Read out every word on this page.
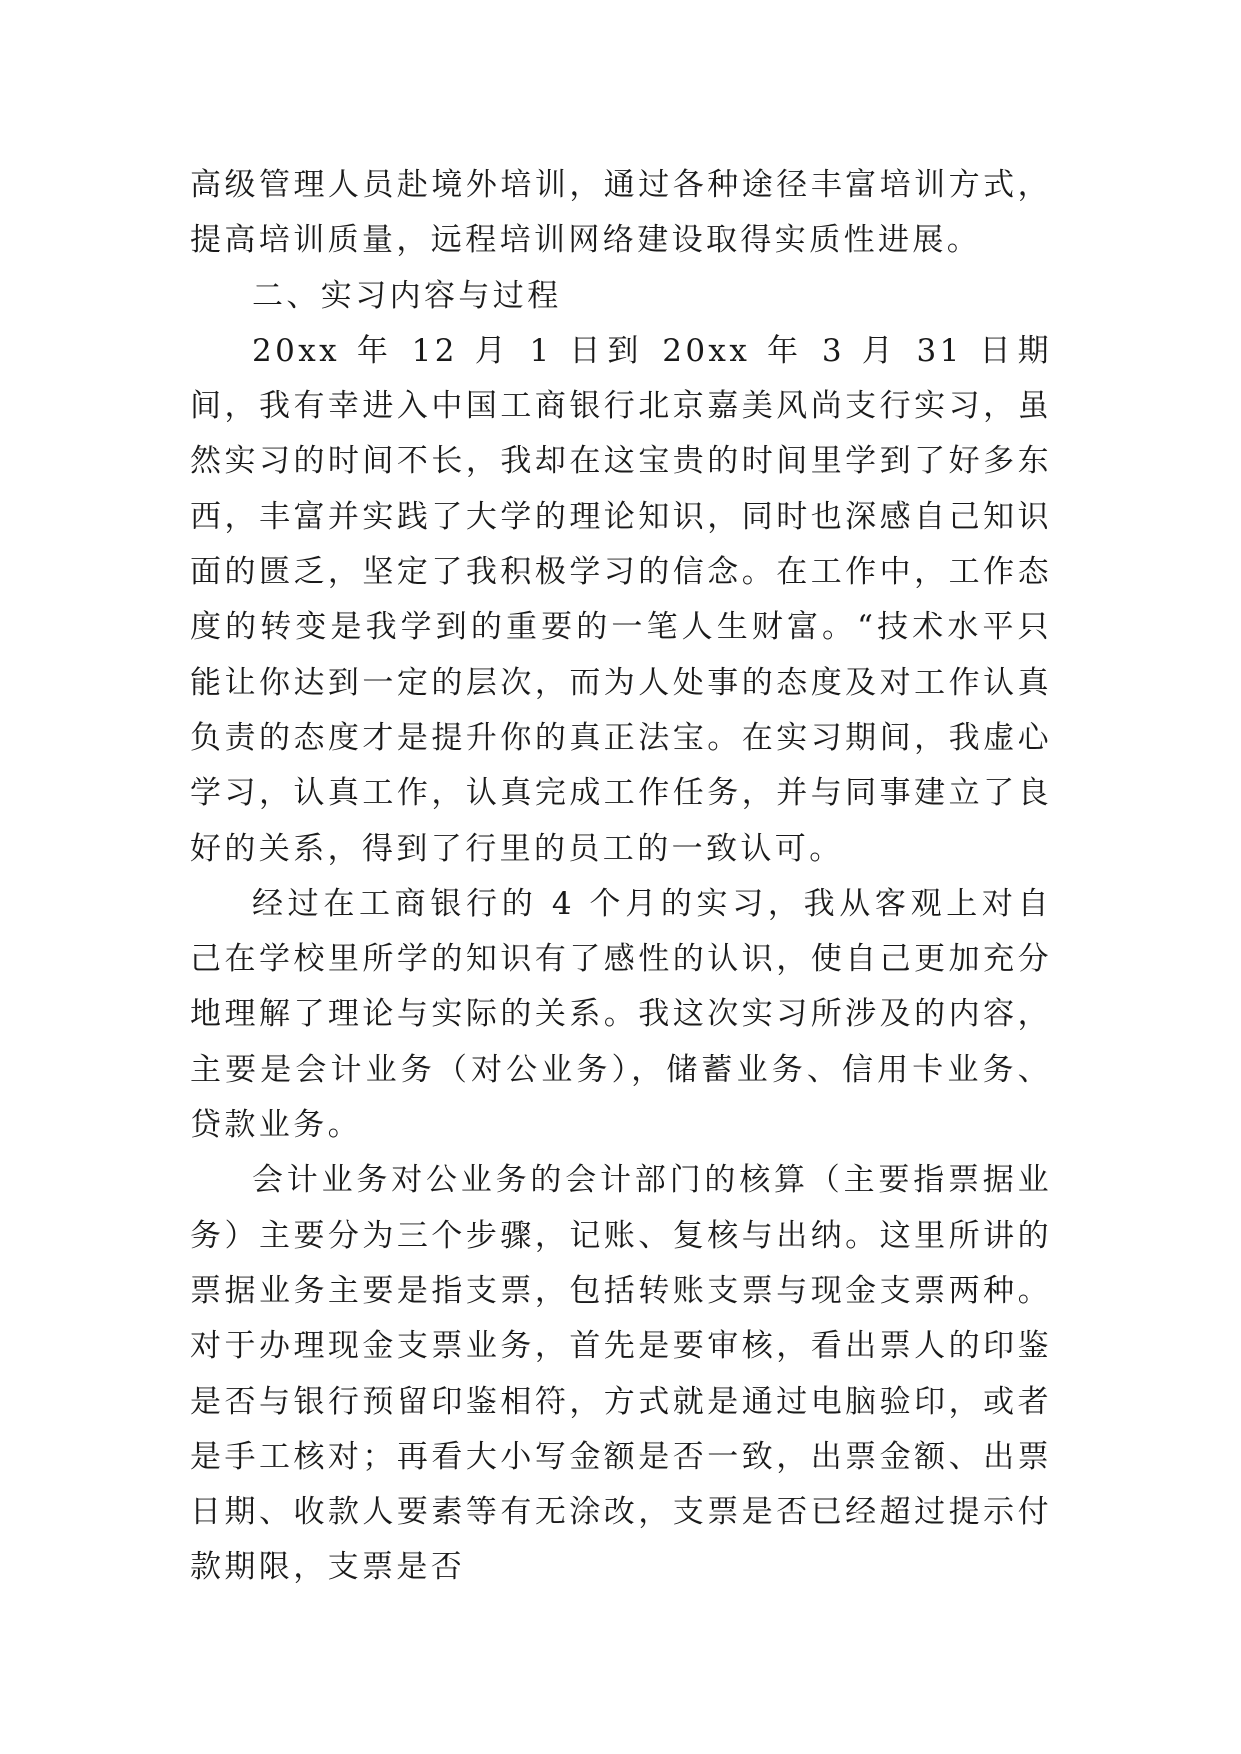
高级管理人员赴境外培训，通过各种途径丰富培训方式，提高培训质量，远程培训网络建设取得实质性进展。

二、实习内容与过程

20xx 年 12 月 1 日到 20xx 年 3 月 31 日期间，我有幸进入中国工商银行北京嘉美风尚支行实习，虽然实习的时间不长，我却在这宝贵的时间里学到了好多东西，丰富并实践了大学的理论知识，同时也深感自己知识面的匮乏，坚定了我积极学习的信念。在工作中，工作态度的转变是我学到的重要的一笔人生财富。“技术水平只能让你达到一定的层次，而为人处事的态度及对工作认真负责的态度才是提升你的真正法宝。在实习期间，我虚心学习，认真工作，认真完成工作任务，并与同事建立了良好的关系，得到了行里的员工的一致认可。

经过在工商银行的 4 个月的实习，我从客观上对自己在学校里所学的知识有了感性的认识，使自己更加充分地理解了理论与实际的关系。我这次实习所涉及的内容，主要是会计业务（对公业务），储蓄业务、信用卡业务、贷款业务。

会计业务对公业务的会计部门的核算（主要指票据业务）主要分为三个步骤，记账、复核与出纳。这里所讲的票据业务主要是指支票，包括转账支票与现金支票两种。对于办理现金支票业务，首先是要审核，看出票人的印鉴是否与银行预留印鉴相符，方式就是通过电脑验印，或者是手工核对；再看大小写金额是否一致，出票金额、出票日期、收款人要素等有无涂改，支票是否已经超过提示付款期限，支票是否
